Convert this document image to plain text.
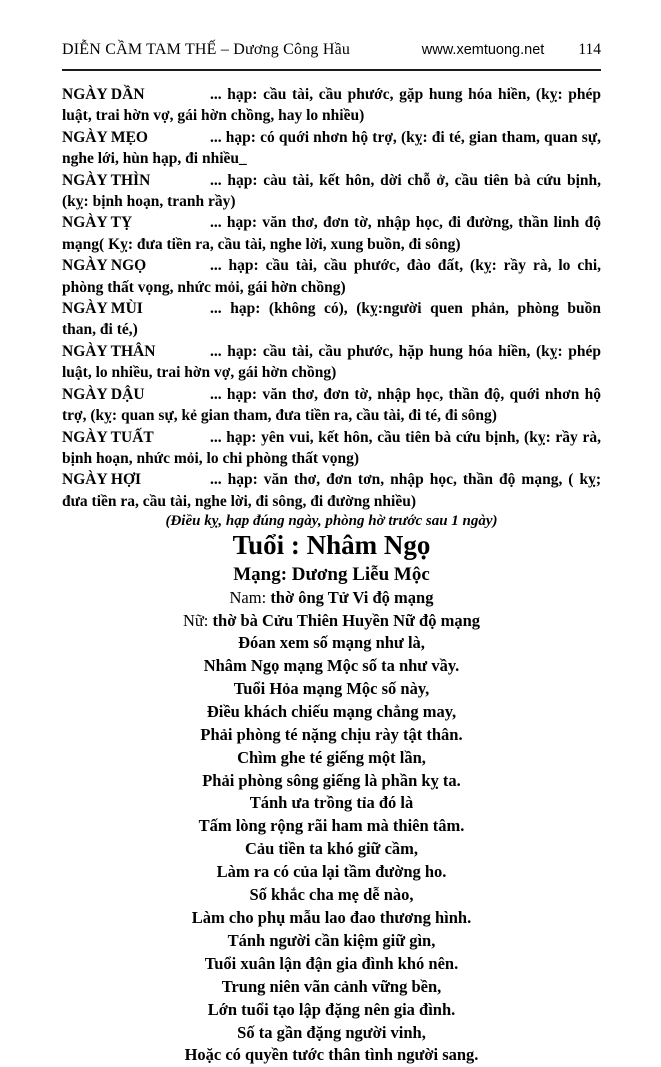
DIỄN CẦM TAM THẾ – Dương Công Hầu	www.xemtuong.net 114

NGÀY DẦN	... hạp: cầu tài, cầu phước, gặp hung hóa hiền, (kỵ: phép luật, trai hờn vợ, gái hờn chồng, hay lo nhiều)

NGÀY MẸO	... hạp: có quới nhơn hộ trợ, (kỵ: đi té, gian tham, quan sự, nghe lới, hùn hạp, đi nhiều_

NGÀY THÌN	... hạp: càu tài, kết hôn, dời chỗ ở, cầu tiên bà cứu bịnh, (kỵ: bịnh hoạn, tranh rầy)

NGÀY TỴ	... hạp: văn thơ, đơn tờ, nhập học, đi đường, thần linh độ mạng( Kỵ: đưa tiền ra, cầu tài, nghe lời, xung buồn, đi sông)

NGÀY NGỌ	... hạp: cầu tài, cầu phước, đào đất, (kỵ: rầy rà, lo chi, phòng thất vọng, nhức mỏi, gái hờn chồng)

NGÀY MÙI	... hạp: (không có), (kỵ:người quen phản, phòng buồn than, đi té,)

NGÀY THÂN	... hạp: cầu tài, cầu phước, hặp hung hóa hiền, (kỵ: phép luật, lo nhiều, trai hờn vợ, gái hờn chồng)

NGÀY DẬU	... hạp: văn thơ, đơn tờ, nhập học, thần độ, quới nhơn hộ trợ, (kỵ: quan sự, kẻ gian tham, đưa tiền ra, cầu tài, đi té, đi sông)

NGÀY TUẤT	... hạp: yên vui, kết hôn, cầu tiên bà cứu bịnh, (kỵ: rầy rà, bịnh hoạn, nhức mỏi, lo chi phòng thất vọng)

NGÀY HỢI	... hạp: văn thơ, đơn tơn, nhập học, thần độ mạng, ( kỵ; đưa tiền ra, cầu tài, nghe lời, đi sông, đi đường nhiều)

(Điều kỵ, hạp đúng ngày, phòng hờ trước sau 1 ngày)

Tuổi : Nhâm Ngọ

Mạng: Dương Liễu Mộc

Nam: thờ ông Tử Vi độ mạng

Nữ: thờ bà Cửu Thiên Huyền Nữ độ mạng

Đóan xem số mạng như là,

Nhâm Ngọ mạng Mộc số ta như vầy.

Tuổi Hỏa mạng Mộc số này,

Điều khách chiếu mạng chẳng may,

Phải phòng té nặng chịu rày tật thân.

Chìm ghe té giếng một lần,

Phải phòng sông giếng là phần kỵ ta.

Tánh ưa trồng tỉa đó là

Tấm lòng rộng rãi ham mà thiên tâm.

Cảu tiền ta khó giữ cầm,

Làm ra có của lại tầm đường ho.

Số khắc cha mẹ dễ nào,

Làm cho phụ mẫu lao đao thương hình.

Tánh người cần kiệm giữ gìn,

Tuổi xuân lận đận gia đình khó nên.

Trung niên vãn cảnh vững bền,

Lớn tuổi tạo lập đặng nên gia đình.

Số ta gần đặng người vinh,

Hoặc có quyền tước thân tình người sang.
